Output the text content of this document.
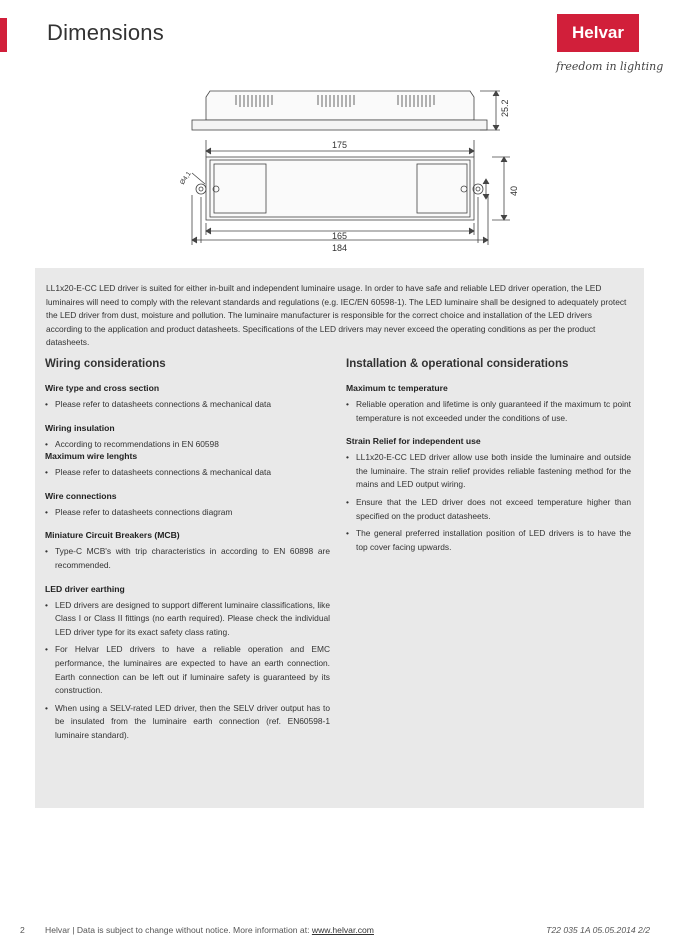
Dimensions	Helvar
freedom in lighting
25.2
175
40
165
184
Ø4,1
LL1x20-E-CC LED driver is suited for either in-built and independent luminaire usage. In order to have safe and reliable LED driver operation, the LED luminaires will need to comply with the relevant standards and regulations (e.g. IEC/EN 60598-1). The LED luminaire shall be designed to adequately protect the LED driver from dust, moisture and pollution. The luminaire manufacturer is responsible for the correct choice and installation of the LED drivers according to the application and product datasheets. Specifications of the LED drivers may never exceed the operating conditions as per the product datasheets.
Wiring considerations
Wire type and cross section
• Please refer to datasheets connections & mechanical data
Wiring insulation
• According to recommendations in EN 60598
Maximum wire lenghts
• Please refer to datasheets connections & mechanical data
Wire connections
• Please refer to datasheets connections diagram
Miniature Circuit Breakers (MCB)
• Type-C MCB's with trip characteristics in according to EN 60898 are recommended.
LED driver earthing
• LED drivers are designed to support different luminaire classifications, like Class I or Class II fittings (no earth required). Please check the individual LED driver type for its exact safety class rating.
• For Helvar LED drivers to have a reliable operation and EMC performance, the luminaires are expected to have an earth connection. Earth connection can be left out if luminaire safety is guaranteed by its construction.
• When using a SELV-rated LED driver, then the SELV driver output has to be insulated from the luminaire earth connection (ref. EN60598-1 luminaire standard).
Installation & operational considerations
Maximum tc temperature
• Reliable operation and lifetime is only guaranteed if the maximum tc point temperature is not exceeded under the conditions of use.
Strain Relief for independent use
• LL1x20-E-CC LED driver allow use both inside the luminaire and outside the luminaire. The strain relief provides reliable fastening method for the mains and LED output wiring.
• Ensure that the LED driver does not exceed temperature higher than specified on the product datasheets.
• The general preferred installation position of LED drivers is to have the top cover facing upwards.
2 Helvar | Data is subject to change without notice. More information at: www.helvar.com	T22 035 1A 05.05.2014 2/2
